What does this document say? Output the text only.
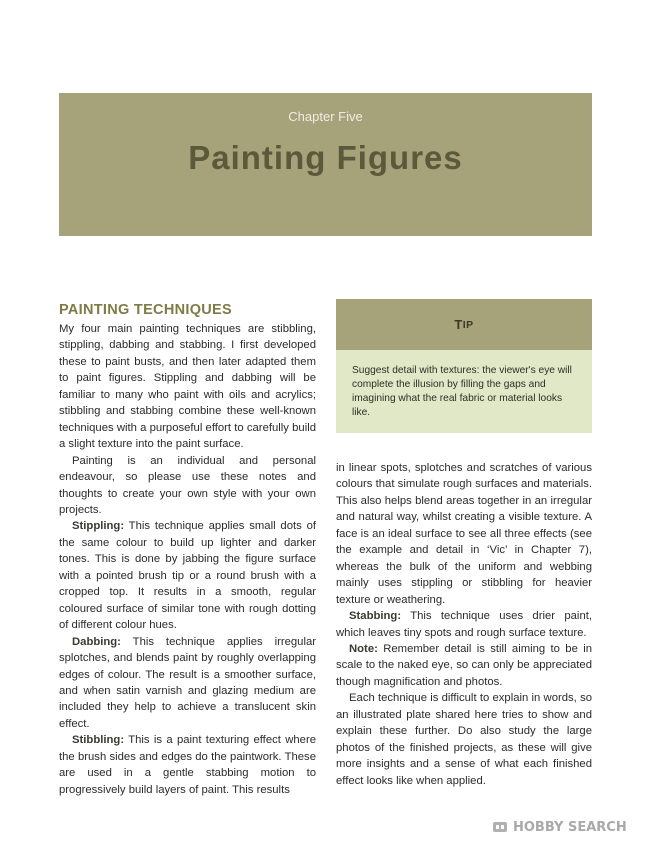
Chapter Five
Painting Figures
PAINTING TECHNIQUES

My four main painting techniques are stibbling, stippling, dabbing and stabbing. I first developed these to paint busts, and then later adapted them to paint figures. Stippling and dabbing will be familiar to many who paint with oils and acrylics; stibbling and stabbing combine these well-known techniques with a purposeful effort to carefully build a slight texture into the paint surface.

Painting is an individual and personal endeavour, so please use these notes and thoughts to create your own style with your own projects.

Stippling: This technique applies small dots of the same colour to build up lighter and darker tones. This is done by jabbing the figure surface with a pointed brush tip or a round brush with a cropped top. It results in a smooth, regular coloured surface of similar tone with rough dotting of different colour hues.

Dabbing: This technique applies irregular splotches, and blends paint by roughly overlapping edges of colour. The result is a smoother surface, and when satin varnish and glazing medium are included they help to achieve a translucent skin effect.

Stibbling: This is a paint texturing effect where the brush sides and edges do the paintwork. These are used in a gentle stabbing motion to progressively build layers of paint. This results

T IP
Suggest detail with textures: the viewer's eye will complete the illusion by filling the gaps and imagining what the real fabric or material looks like.

in linear spots, splotches and scratches of various colours that simulate rough surfaces and materials. This also helps blend areas together in an irregular and natural way, whilst creating a visible texture. A face is an ideal surface to see all three effects (see the example and detail in ‘Vic’ in Chapter 7), whereas the bulk of the uniform and webbing mainly uses stippling or stibbling for heavier texture or weathering.

Stabbing: This technique uses drier paint, which leaves tiny spots and rough surface texture.

Note: Remember detail is still aiming to be in scale to the naked eye, so can only be appreciated though magnification and photos.

Each technique is difficult to explain in words, so an illustrated plate shared here tries to show and explain these further. Do also study the large photos of the finished projects, as these will give more insights and a sense of what each finished effect looks like when applied.

HOBBY SEARCH
